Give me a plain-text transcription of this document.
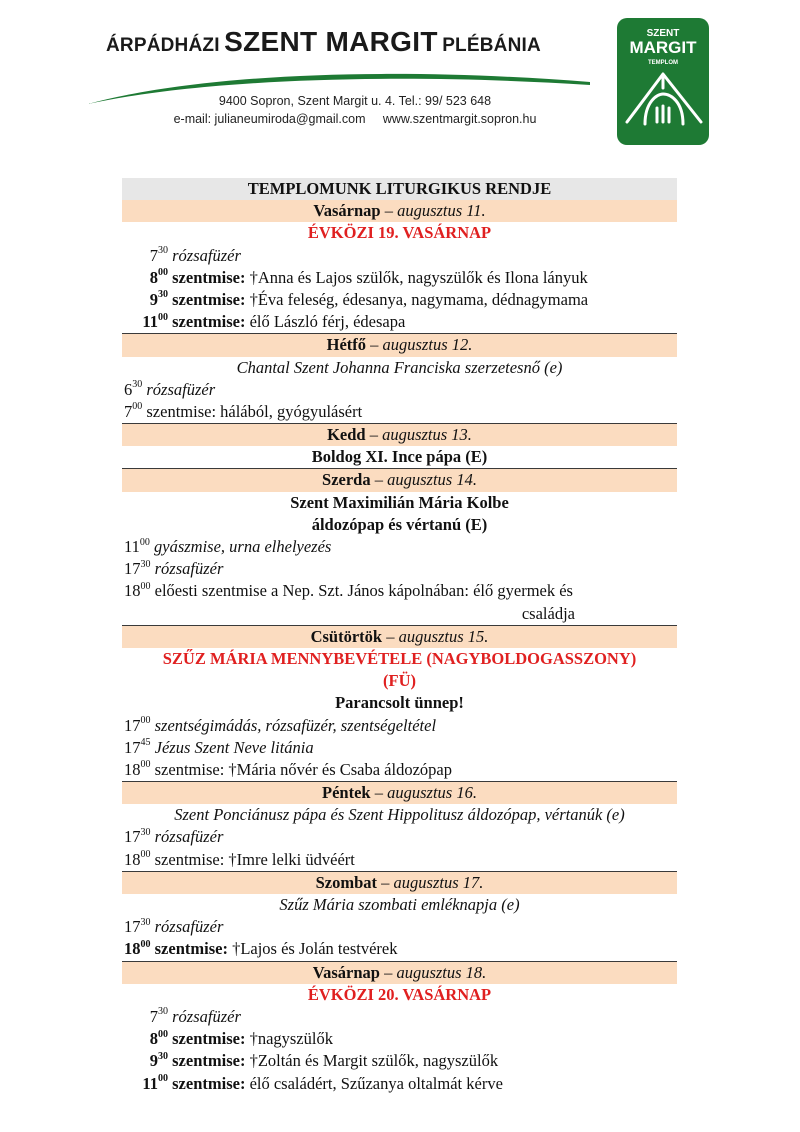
ÁRPÁDHÁZI SZENT MARGIT PLÉBÁNIA
9400 Sopron, Szent Margit u. 4. Tel.: 99/ 523 648
e-mail: julianeumiroda@gmail.com     www.szentmargit.sopron.hu
SZENT
MARGIT
TEMPLOM
TEMPLOMUNK LITURGIKUS RENDJE
Vasárnap – augusztus 11.
ÉVKÖZI 19. VASÁRNAP
$7^{30}$ rózsafüzér
$8^{00}$ szentmise: †Anna és Lajos szülők, nagyszülők és Ilona lányuk
$9^{30}$ szentmise: †Éva feleség, édesanya, nagymama, dédnagymama
$11^{00}$ szentmise: élő László férj, édesapa
Hétfő – augusztus 12.
Chantal Szent Johanna Franciska szerzetesnő (e)
$6^{30}$ rózsafüzér
$7^{00}$ szentmise: hálából, gyógyulásért
Kedd – augusztus 13.
Boldog XI. Ince pápa (E)
Szerda – augusztus 14.
Szent Maximilián Mária Kolbe
áldozópap és vértanú (E)
$11^{00}$ gyászmise, urna elhelyezés
$17^{30}$ rózsafüzér
$18^{00}$ előesti szentmise a Nep. Szt. János kápolnában: élő gyermek és
családja
Csütörtök – augusztus 15.
SZŰZ MÁRIA MENNYBEVÉTELE (NAGYBOLDOGASSZONY)
(FÜ)
Parancsolt ünnep!
$17^{00}$ szentségimádás, rózsafüzér, szentségeltétel
$17^{45}$ Jézus Szent Neve litánia
$18^{00}$ szentmise: †Mária nővér és Csaba áldozópap
Péntek – augusztus 16.
Szent Ponciánusz pápa és Szent Hippolitusz áldozópap, vértanúk (e)
$17^{30}$ rózsafüzér
$18^{00}$ szentmise: †Imre lelki üdvéért
Szombat – augusztus 17.
Szűz Mária szombati emléknapja (e)
$17^{30}$ rózsafüzér
$18^{00}$ szentmise: †Lajos és Jolán testvérek
Vasárnap – augusztus 18.
ÉVKÖZI 20. VASÁRNAP
$7^{30}$ rózsafüzér
$8^{00}$ szentmise: †nagyszülők
$9^{30}$ szentmise: †Zoltán és Margit szülők, nagyszülők
$11^{00}$ szentmise: élő családért, Szűzanya oltalmát kérve
